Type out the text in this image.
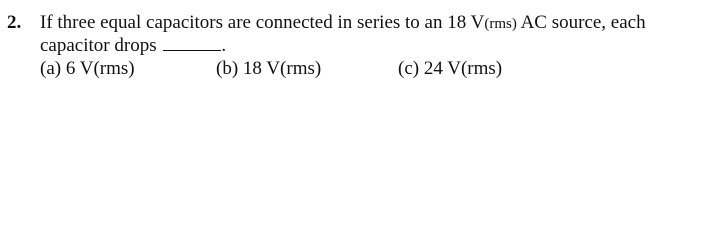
2. If three equal capacitors are connected in series to an 18 V(rms) AC source, each
capacitor drops	.
(a) 6 V(rms)	(b) 18 V(rms)	(c) 24 V(rms)
